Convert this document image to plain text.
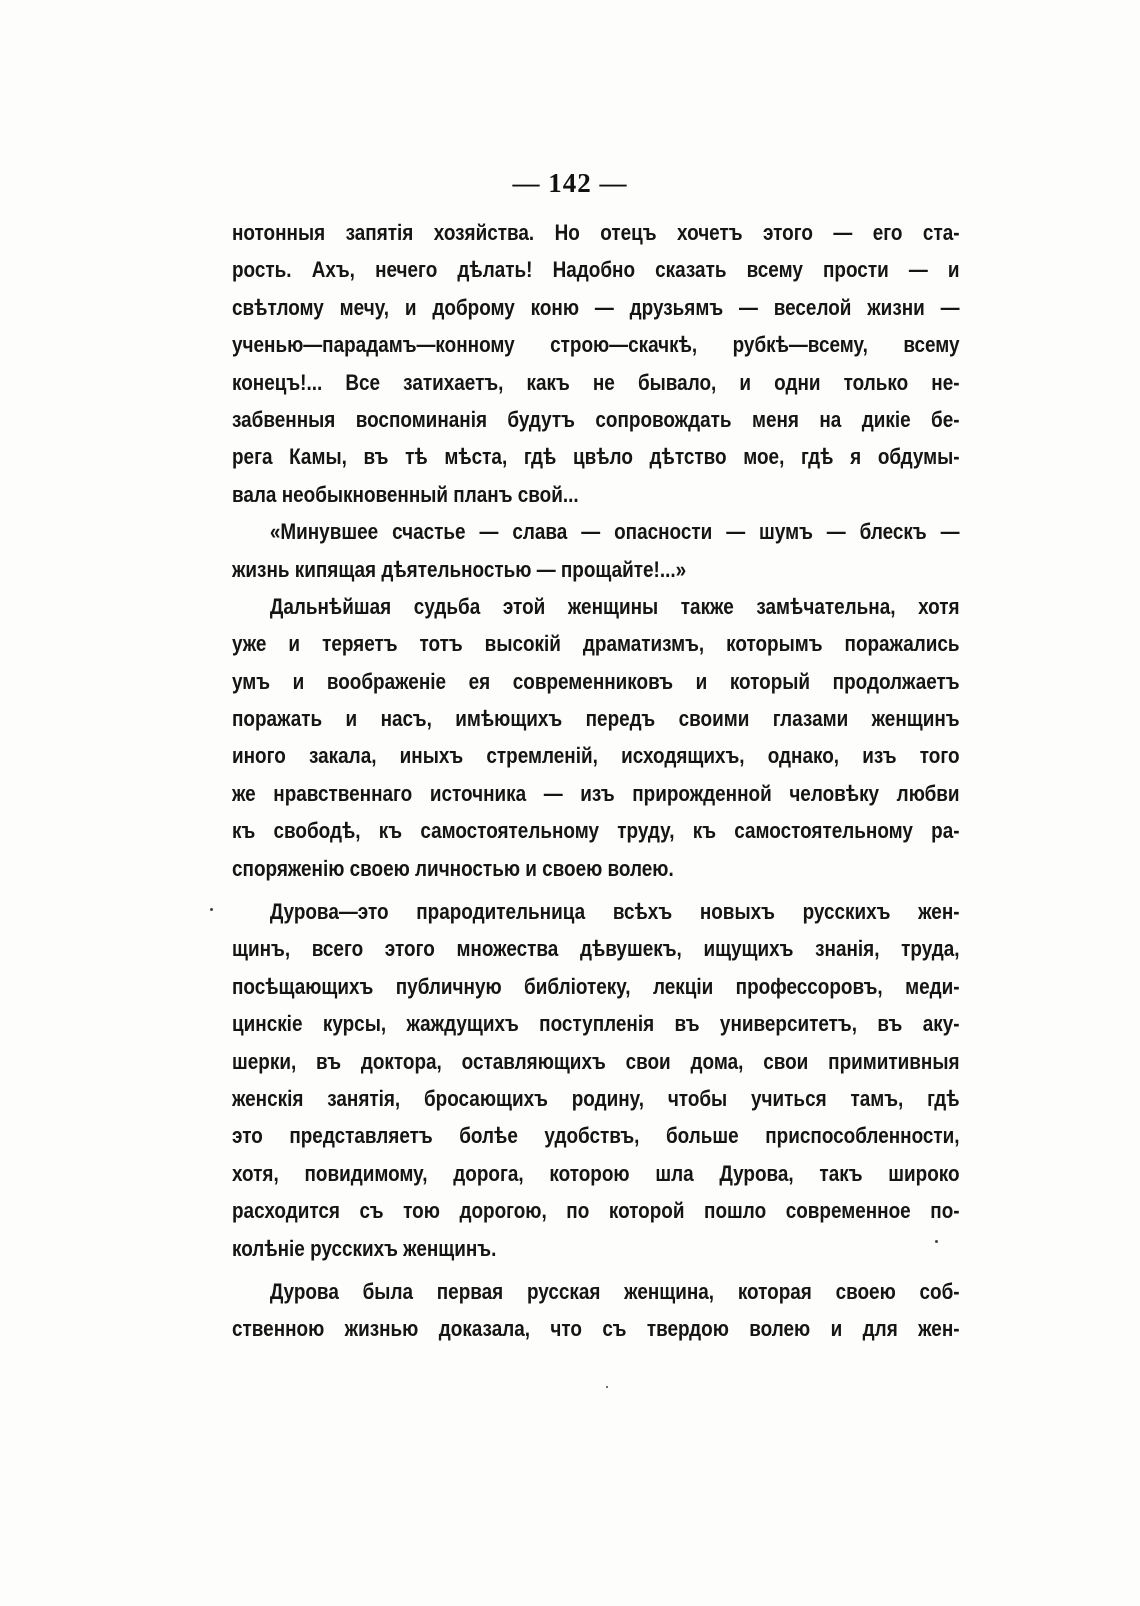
— 142 —
нотонныя запятія хозяйства. Но отецъ хочетъ этого — его ста-
рость. Ахъ, нечего дѣлать! Надобно сказать всему прости — и
свѣтлому мечу, и доброму коню — друзьямъ — веселой жизни —
ученью—парадамъ—конному строю—скачкѣ, рубкѣ—всему, всему
конецъ!... Все затихаетъ, какъ не бывало, и одни только не-
забвенныя воспоминанія будутъ сопровождать меня на дикіе бе-
рега Камы, въ тѣ мѣста, гдѣ цвѣло дѣтство мое, гдѣ я обдумы-
вала необыкновенный планъ свой...
«Минувшее счастье — слава — опасности — шумъ — блескъ —
жизнь кипящая дѣятельностью — прощайте!...»
Дальнѣйшая судьба этой женщины также замѣчательна, хотя
уже и теряетъ тотъ высокій драматизмъ, которымъ поражались
умъ и воображеніе ея современниковъ и который продолжаетъ
поражать и насъ, имѣющихъ передъ своими глазами женщинъ
иного закала, иныхъ стремленій, исходящихъ, однако, изъ того
же нравственнаго источника — изъ прирожденной человѣку любви
къ свободѣ, къ самостоятельному труду, къ самостоятельному ра-
споряженію своею личностью и своею волею.
Дурова—это прародительница всѣхъ новыхъ русскихъ жен-
щинъ, всего этого множества дѣвушекъ, ищущихъ знанія, труда,
посѣщающихъ публичную библіотеку, лекціи профессоровъ, меди-
цинскіе курсы, жаждущихъ поступленія въ университетъ, въ аку-
шерки, въ доктора, оставляющихъ свои дома, свои примитивныя
женскія занятія, бросающихъ родину, чтобы учиться тамъ, гдѣ
это представляетъ болѣе удобствъ, больше приспособленности,
хотя, повидимому, дорога, которою шла Дурова, такъ широко
расходится съ тою дорогою, по которой пошло современное по-
колѣніе русскихъ женщинъ.
Дурова была первая русская женщина, которая своею соб-
ственною жизнью доказала, что съ твердою волею и для жен-
